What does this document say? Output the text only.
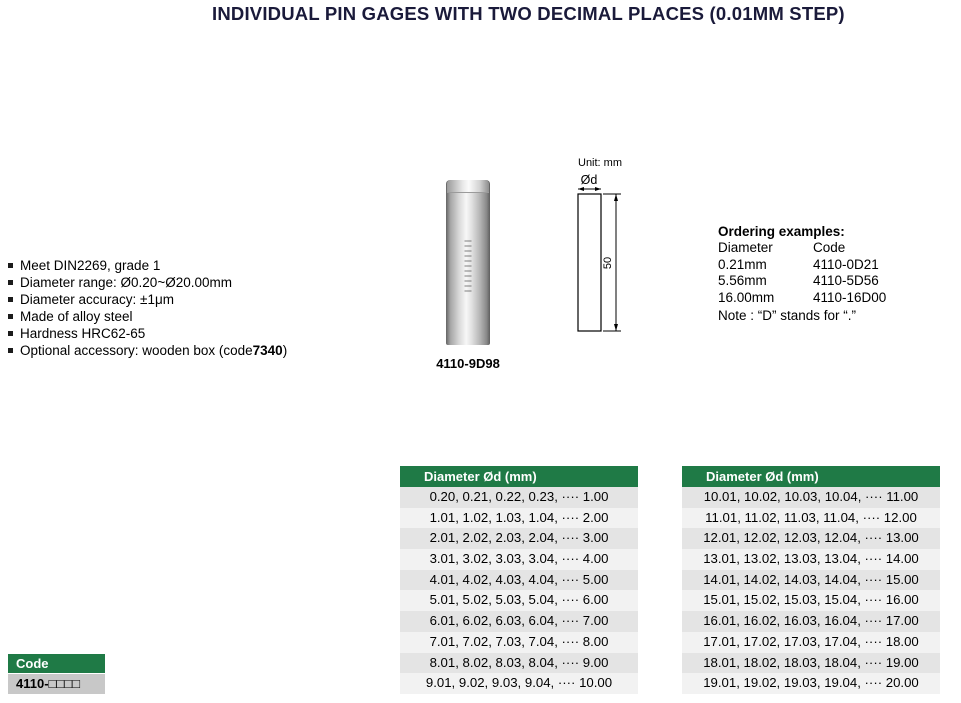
INDIVIDUAL PIN GAGES WITH TWO DECIMAL PLACES (0.01MM STEP)
Meet DIN2269, grade 1
Diameter range: Ø0.20~Ø20.00mm
Diameter accuracy: ±1μm
Made of alloy steel
Hardness HRC62-65
Optional accessory: wooden box (code 7340 )
4110-9D98
Unit: mm
Ød
50
Ordering examples:
Diameter	Code
0.21mm	4110-0D21
5.56mm	4110-5D56
16.00mm	4110-16D00
Note : “D” stands for “.”
Code
4110-□□□□
Diameter Ød (mm)
0.20, 0.21, 0.22, 0.23, ···· 1.00
1.01, 1.02, 1.03, 1.04, ···· 2.00
2.01, 2.02, 2.03, 2.04, ···· 3.00
3.01, 3.02, 3.03, 3.04, ···· 4.00
4.01, 4.02, 4.03, 4.04, ···· 5.00
5.01, 5.02, 5.03, 5.04, ···· 6.00
6.01, 6.02, 6.03, 6.04, ···· 7.00
7.01, 7.02, 7.03, 7.04, ···· 8.00
8.01, 8.02, 8.03, 8.04, ···· 9.00
9.01, 9.02, 9.03, 9.04, ···· 10.00
Diameter Ød (mm)
10.01, 10.02, 10.03, 10.04, ···· 11.00
11.01, 11.02, 11.03, 11.04, ···· 12.00
12.01, 12.02, 12.03, 12.04, ···· 13.00
13.01, 13.02, 13.03, 13.04, ···· 14.00
14.01, 14.02, 14.03, 14.04, ···· 15.00
15.01, 15.02, 15.03, 15.04, ···· 16.00
16.01, 16.02, 16.03, 16.04, ···· 17.00
17.01, 17.02, 17.03, 17.04, ···· 18.00
18.01, 18.02, 18.03, 18.04, ···· 19.00
19.01, 19.02, 19.03, 19.04, ···· 20.00
